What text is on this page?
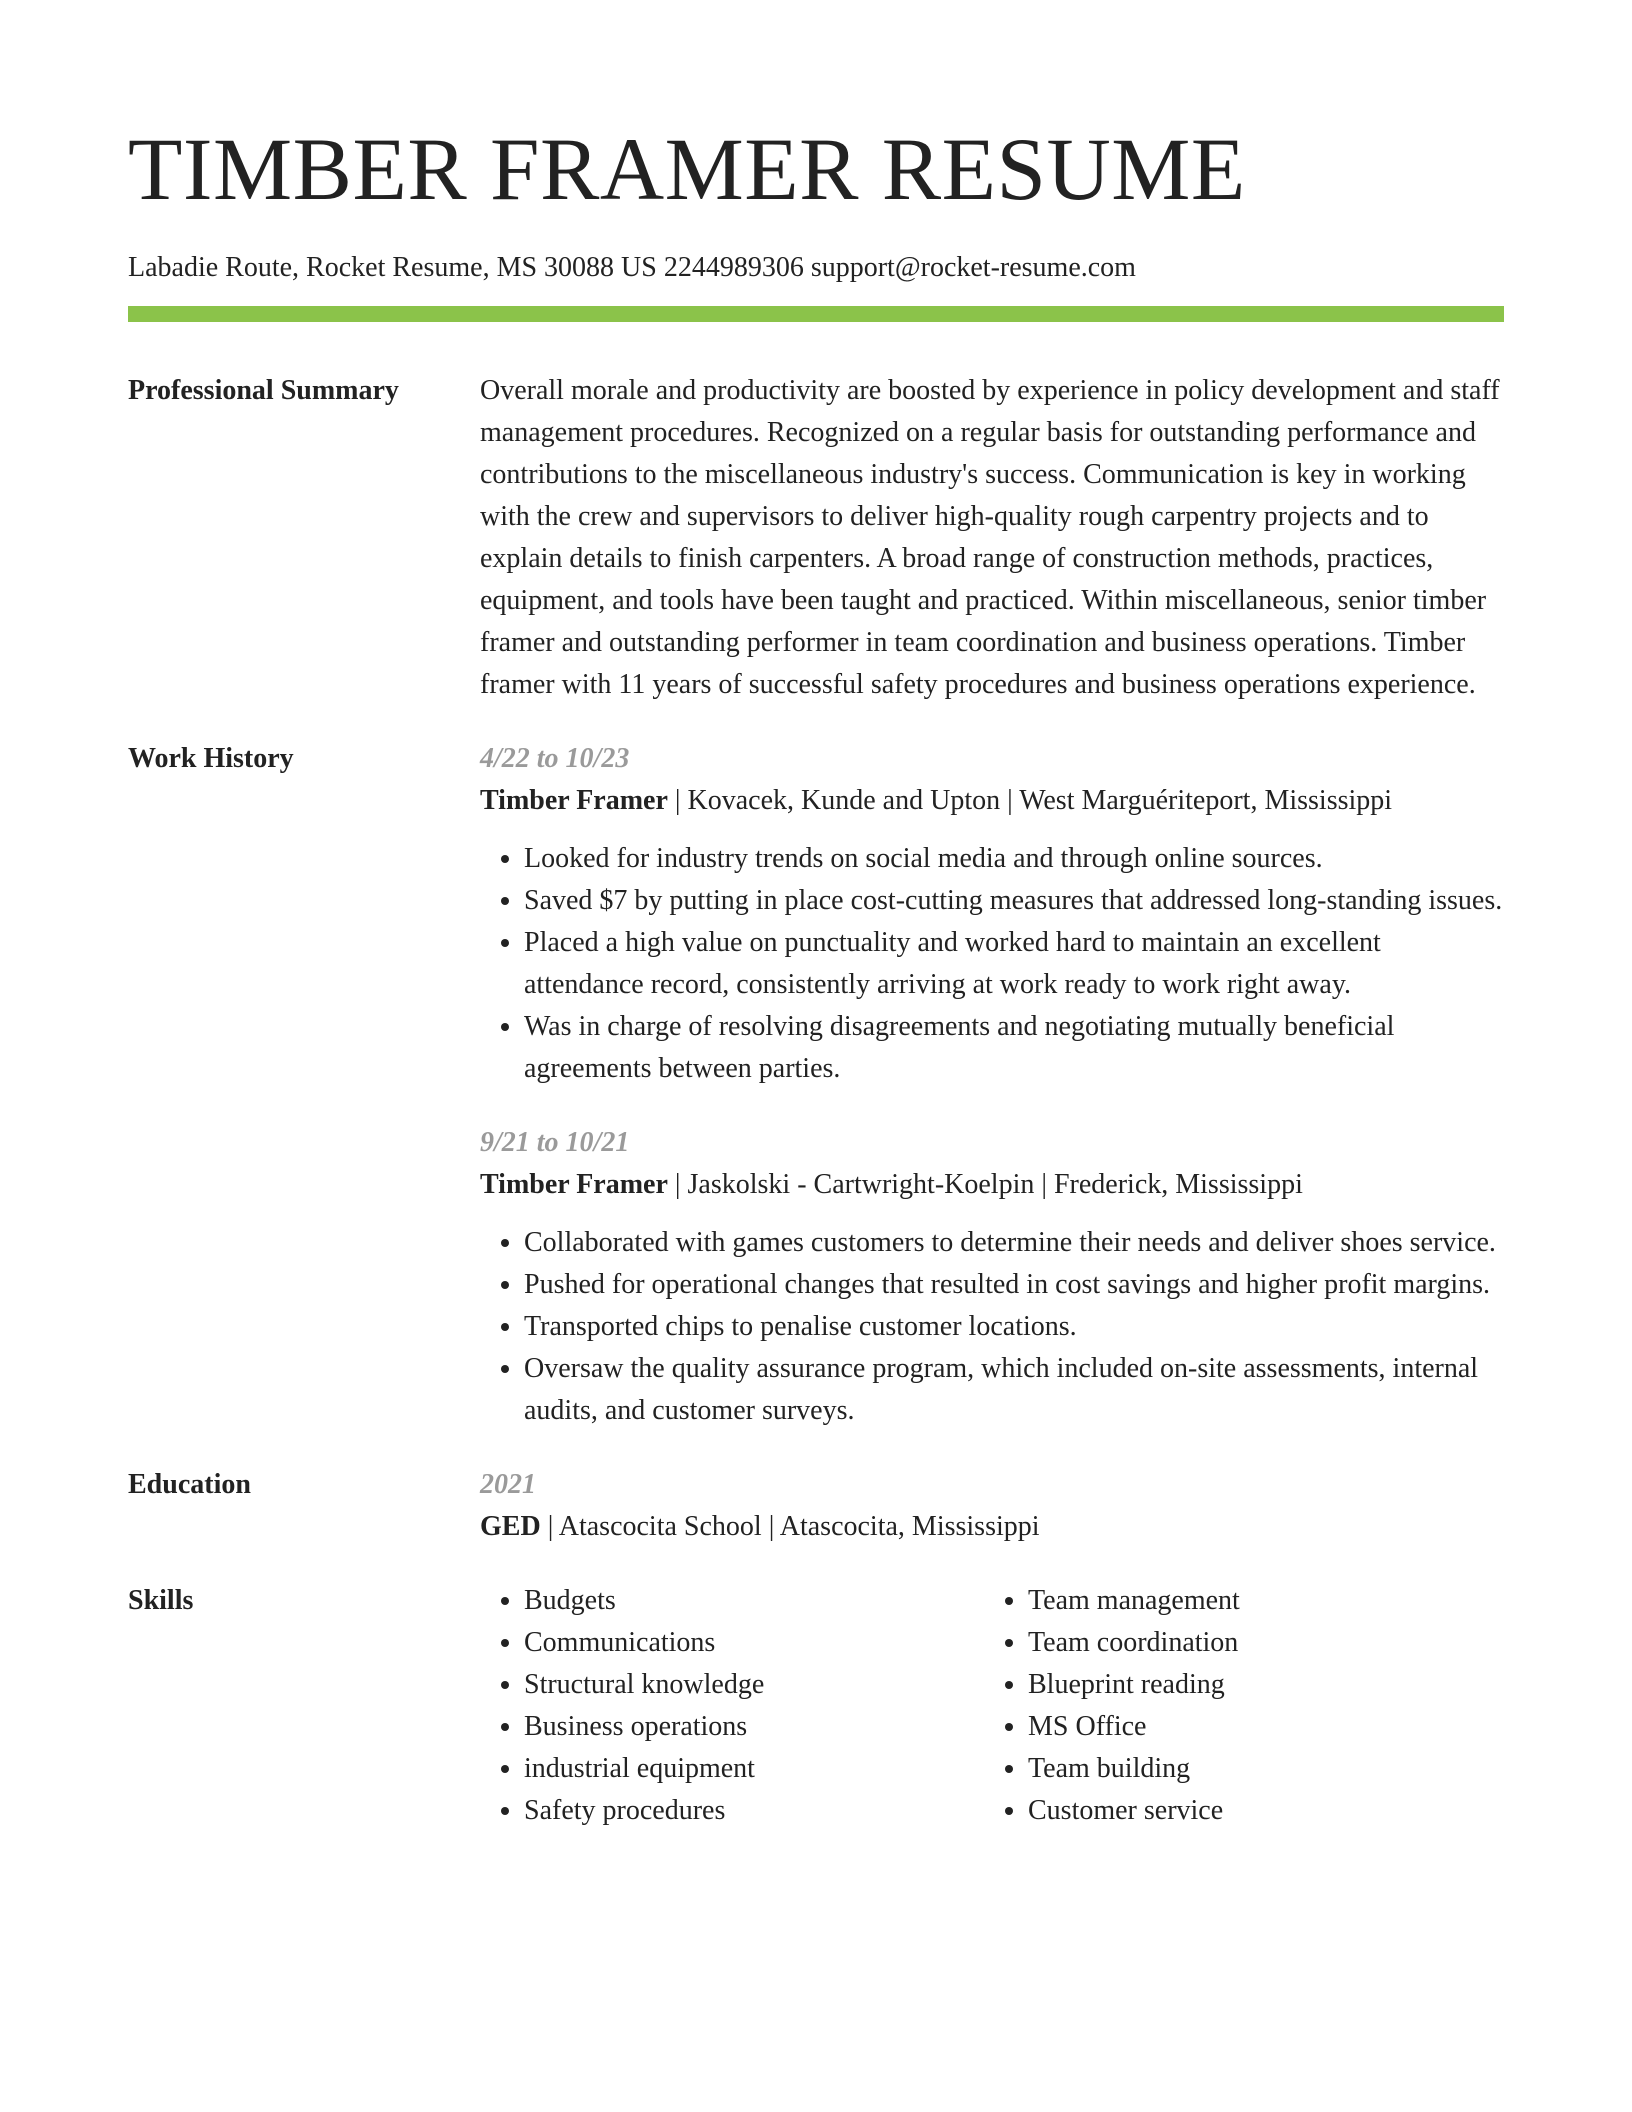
TIMBER FRAMER RESUME
Labadie Route, Rocket Resume, MS 30088 US 2244989306 support@rocket-resume.com
Professional Summary	Overall morale and productivity are boosted by experience in policy development and staff management procedures. Recognized on a regular basis for outstanding performance and contributions to the miscellaneous industry's success. Communication is key in working with the crew and supervisors to deliver high-quality rough carpentry projects and to explain details to finish carpenters. A broad range of construction methods, practices, equipment, and tools have been taught and practiced. Within miscellaneous, senior timber framer and outstanding performer in team coordination and business operations. Timber framer with 11 years of successful safety procedures and business operations experience.

Work History	4/22 to 10/23
Timber Framer | Kovacek, Kunde and Upton | West Marguériteport, Mississippi
• Looked for industry trends on social media and through online sources.
• Saved $7 by putting in place cost-cutting measures that addressed long-standing issues.
• Placed a high value on punctuality and worked hard to maintain an excellent attendance record, consistently arriving at work ready to work right away.
• Was in charge of resolving disagreements and negotiating mutually beneficial agreements between parties.
9/21 to 10/21
Timber Framer | Jaskolski - Cartwright-Koelpin | Frederick, Mississippi
• Collaborated with games customers to determine their needs and deliver shoes service.
• Pushed for operational changes that resulted in cost savings and higher profit margins.
• Transported chips to penalise customer locations.
• Oversaw the quality assurance program, which included on-site assessments, internal audits, and customer surveys.
Education	2021
GED | Atascocita School | Atascocita, Mississippi
Skills
•	Budgets
• Communications
• Structural knowledge
• Business operations
• industrial equipment
• Safety procedures
• Team management
• Team coordination
• Blueprint reading
• MS Office
• Team building
• Customer service
